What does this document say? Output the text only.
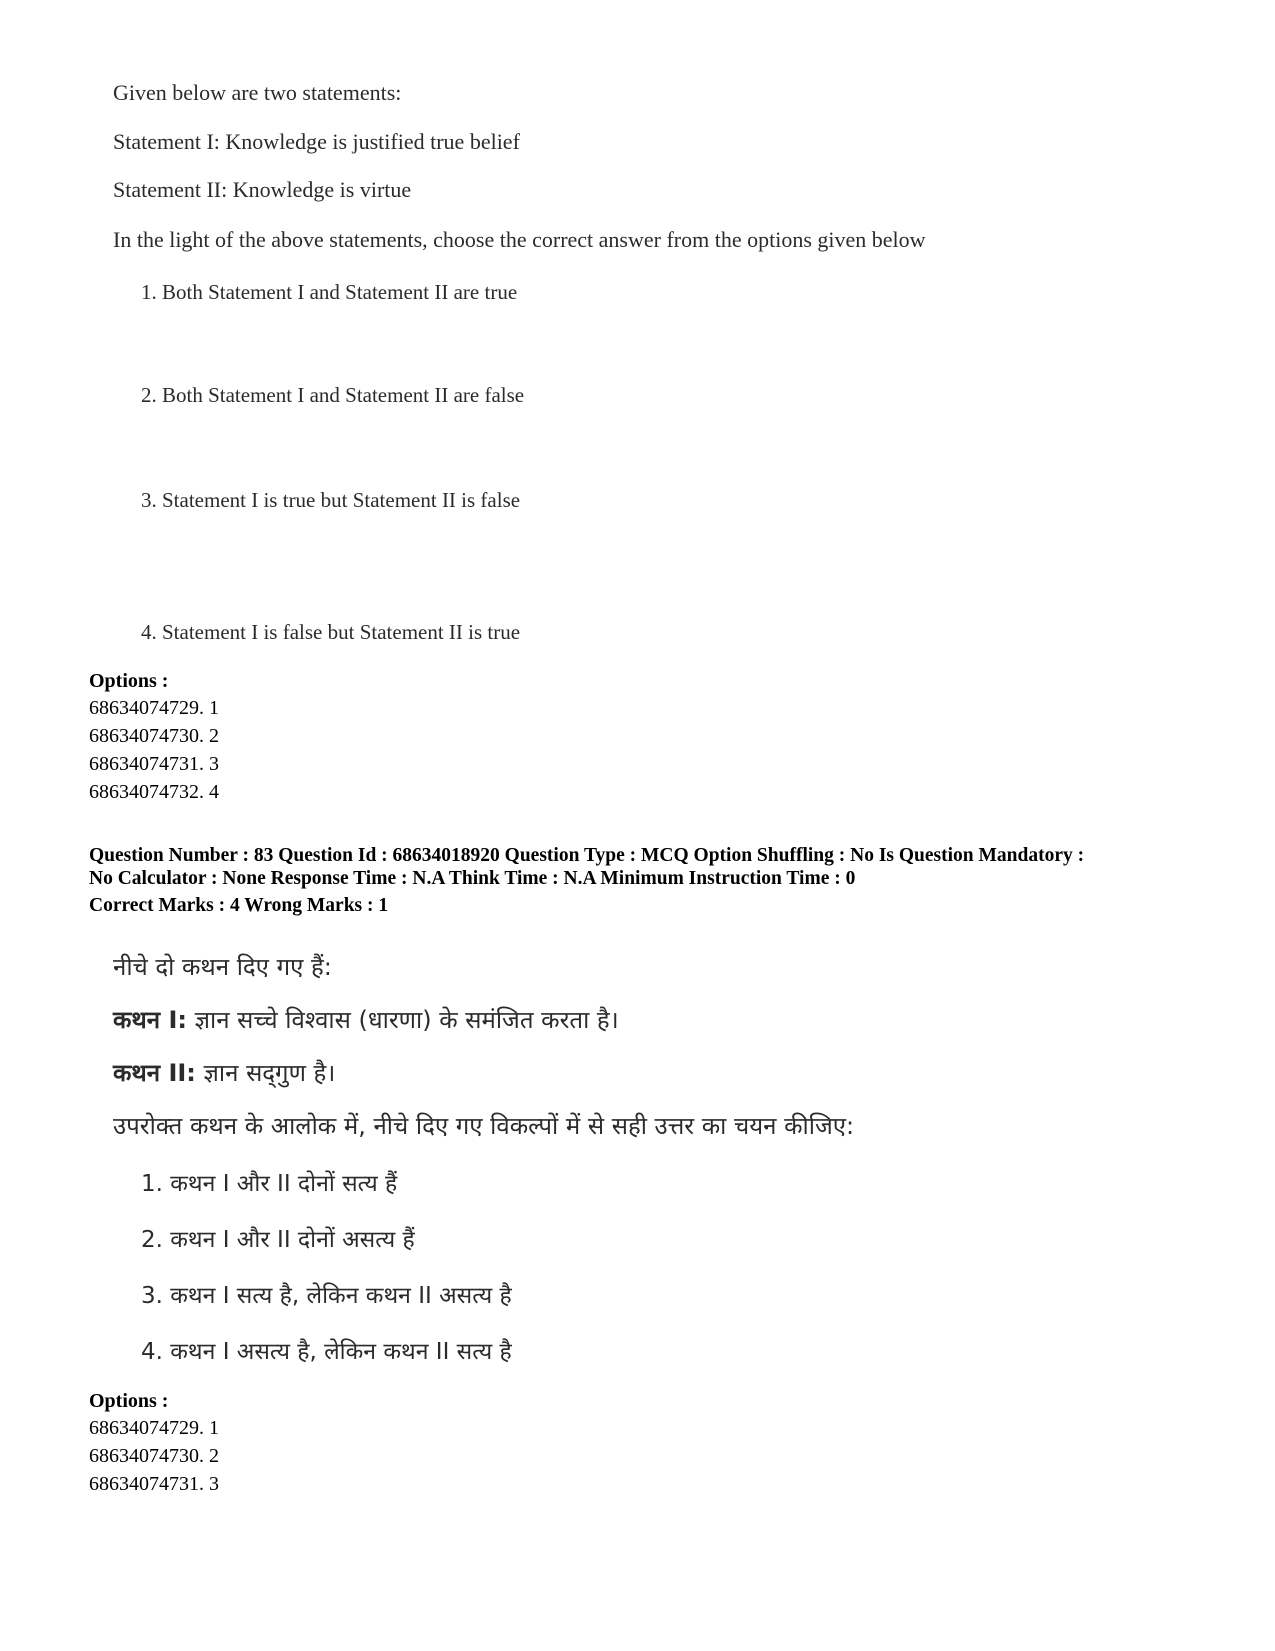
Given below are two statements:
Statement I: Knowledge is justified true belief
Statement II: Knowledge is virtue
In the light of the above statements, choose the correct answer from the options given below
1. Both Statement I and Statement II are true
2. Both Statement I and Statement II are false
3. Statement I is true but Statement II is false
4. Statement I is false but Statement II is true
Options :
68634074729. 1
68634074730. 2
68634074731. 3
68634074732. 4
Question Number : 83 Question Id : 68634018920 Question Type : MCQ Option Shuffling : No Is Question Mandatory :
No Calculator : None Response Time : N.A Think Time : N.A Minimum Instruction Time : 0
Correct Marks : 4 Wrong Marks : 1
नीचे दो कथन दिए गए हैं:
कथन I: ज्ञान सच्चे विश्वास (धारणा) के समंजित करता है।
कथन II: ज्ञान सद्‌गुण है।
उपरोक्त कथन के आलोक में, नीचे दिए गए विकल्पों में से सही उत्तर का चयन कीजिए:
1. कथन I और II दोनों सत्य हैं
2. कथन I और II दोनों असत्य हैं
3. कथन I सत्य है, लेकिन कथन II असत्य है
4. कथन I असत्य है, लेकिन कथन II सत्य है
Options :
68634074729. 1
68634074730. 2
68634074731. 3
